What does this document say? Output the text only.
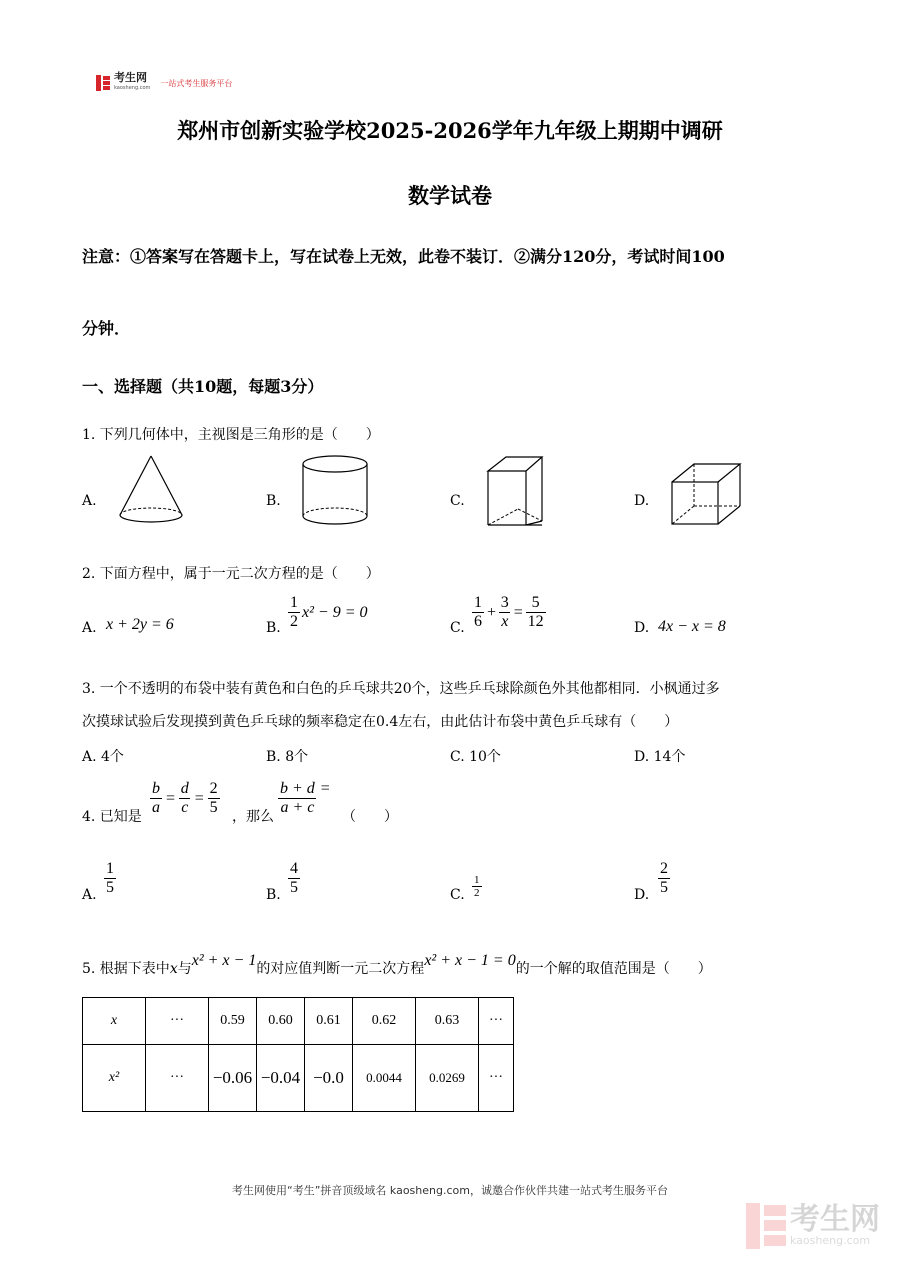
考生网
kaosheng.com
一站式考生服务平台
郑州市创新实验学校2025-2026学年九年级上期期中调研
数学试卷
注意：①答案写在答题卡上，写在试卷上无效，此卷不装订．②满分120分，考试时间100
分钟．
一、选择题（共10题，每题3分）
1. 下列几何体中，主视图是三角形的是（　　）
A.	B.	C.	D.
2. 下面方程中，属于一元二次方程的是（　　）
A. x + 2y = 6	B. $\frac{1}{2} x^2 - 9 = 0$
C. $\frac{1}{6} + \frac{3}{x} = \frac{5}{12}$	D. 4x − x = 8
3. 一个不透明的布袋中装有黄色和白色的乒乓球共20个，这些乒乓球除颜色外其他都相同．小枫通过多
次摸球试验后发现摸到黄色乒乓球的频率稳定在0.4左右，由此估计布袋中黄色乒乓球有（　　）
A. 4个	B. 8个	C. 10个	D. 14个
4. 已知是 $\frac{b}{a} = \frac{d}{c} = \frac{2}{5}$ ，那么 $\frac{b + d}{a + c}$ =
（　　）
A. $\frac{1}{5}$	B. $\frac{4}{5}$	C. $\frac{1}{2}$	D. $\frac{2}{5}$
5. 根据下表中x与x² + x − 1的对应值判断一元二次方程x² + x − 1 = 0的一个解的取值范围是（　　）
x	···	0.59	0.60	0.61	0.62	0.63	···
x²	···	−0.06	−0.04	−0.0	0.0044	0.0269	···
考生网使用“考生”拼音顶级域名 kaosheng.com，诚邀合作伙伴共建一站式考生服务平台
考生网
kaosheng.com
